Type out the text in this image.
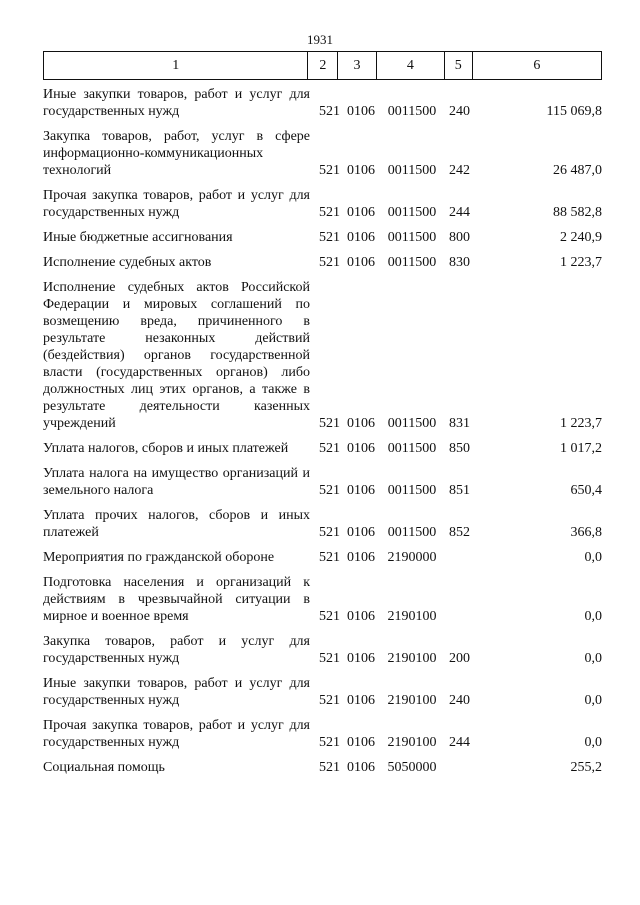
1931
1	2	3	4	5	6
Иные закупки товаров, работ и услуг для государственных нужд	521 0106 0011500 240	115 069,8
Закупка товаров, работ, услуг в сфере информационно-коммуникационных технологий	521 0106 0011500 242	26 487,0
Прочая закупка товаров, работ и услуг для государственных нужд	521 0106 0011500 244	88 582,8
Иные бюджетные ассигнования	521 0106 0011500 800	2 240,9
Исполнение судебных актов	521 0106 0011500 830	1 223,7
Исполнение судебных актов Российской Федерации и мировых соглашений по возмещению вреда, причиненного в результате незаконных действий (бездействия) органов государственной власти (государственных органов) либо должностных лиц этих органов, а также в результате деятельности казенных учреждений	521 0106 0011500 831	1 223,7
Уплата налогов, сборов и иных платежей	521 0106 0011500 850	1 017,2
Уплата налога на имущество организаций и земельного налога	521 0106 0011500 851	650,4
Уплата прочих налогов, сборов и иных платежей	521 0106 0011500 852	366,8
Мероприятия по гражданской обороне	521 0106 2190000	0,0
Подготовка населения и организаций к действиям в чрезвычайной ситуации в мирное и военное время	521 0106 2190100	0,0
Закупка товаров, работ и услуг для государственных нужд	521 0106 2190100 200	0,0
Иные закупки товаров, работ и услуг для государственных нужд	521 0106 2190100 240	0,0
Прочая закупка товаров, работ и услуг для государственных нужд	521 0106 2190100 244	0,0
Социальная помощь	521 0106 5050000	255,2
